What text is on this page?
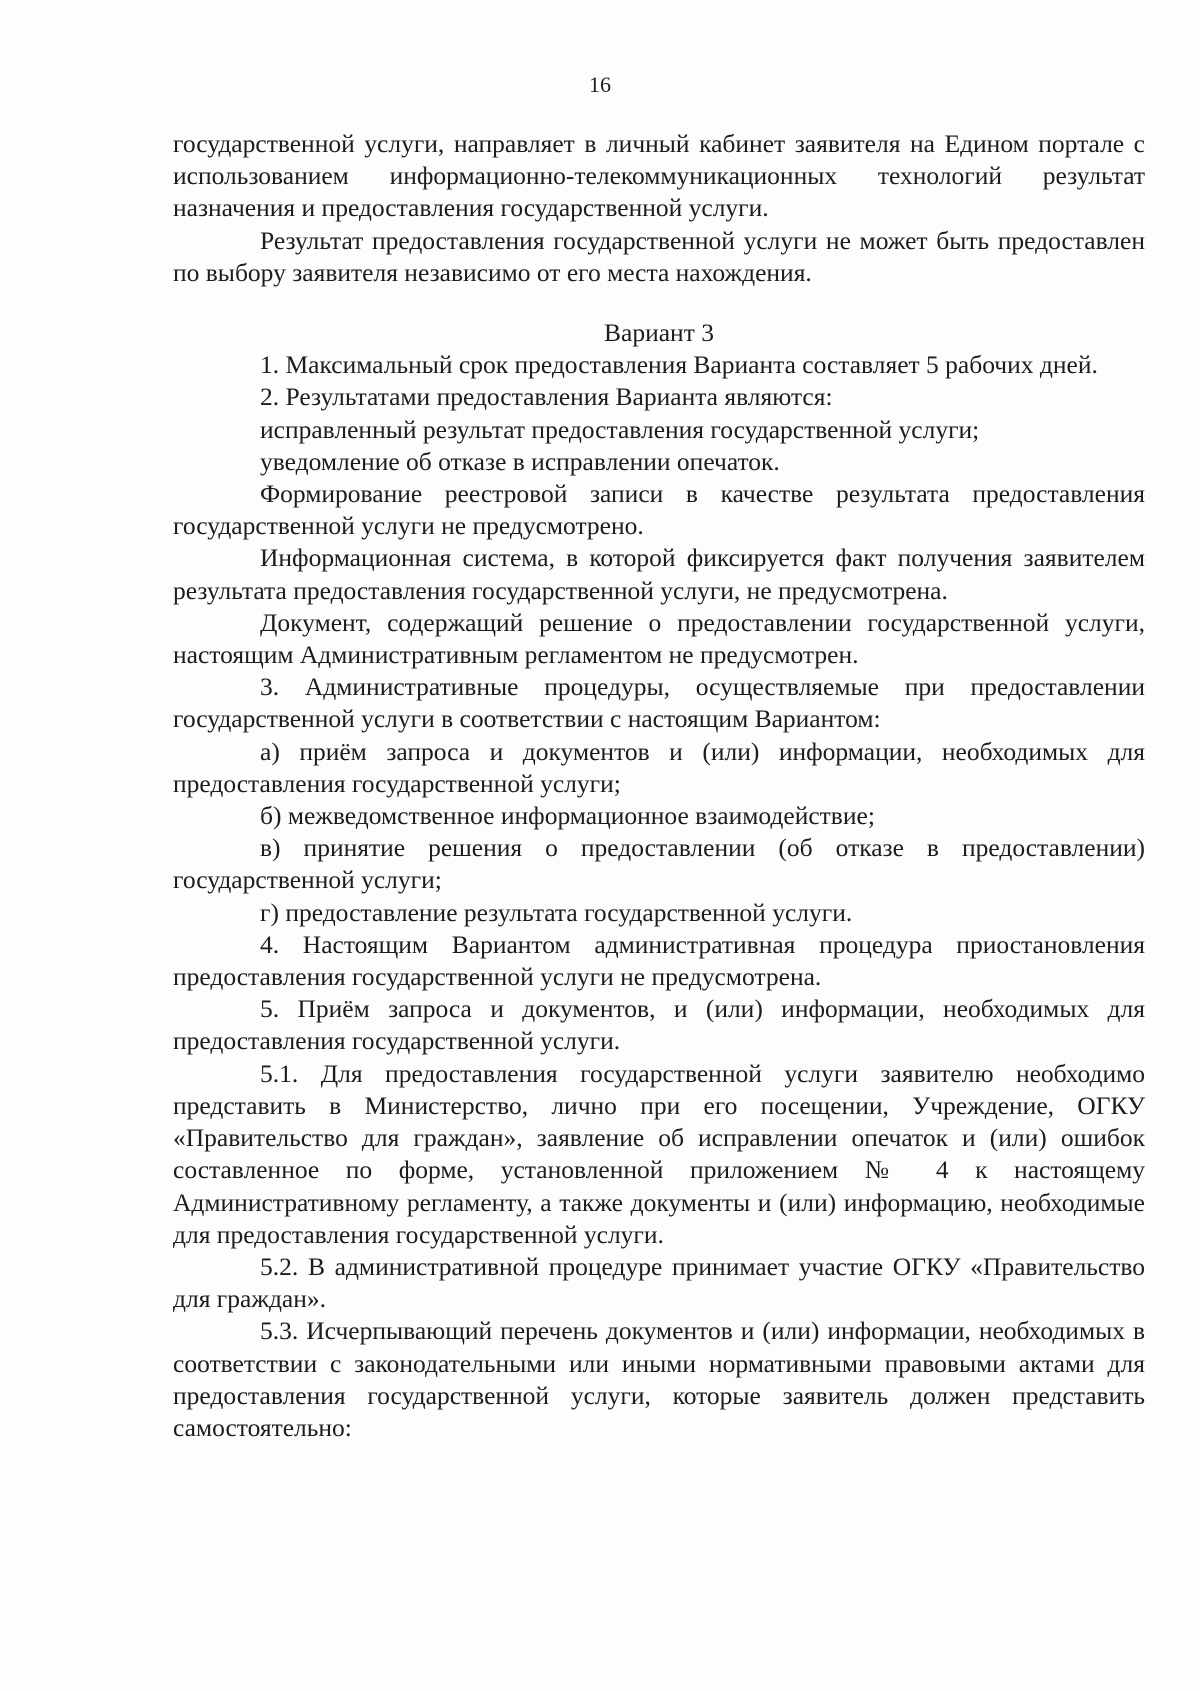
16

государственной услуги, направляет в личный кабинет заявителя на Едином портале с использованием информационно-телекоммуникационных технологий результат назначения и предоставления государственной услуги.

Результат предоставления государственной услуги не может быть предоставлен по выбору заявителя независимо от его места нахождения.

Вариант 3

1. Максимальный срок предоставления Варианта составляет 5 рабочих дней.

2. Результатами предоставления Варианта являются:

исправленный результат предоставления государственной услуги;

уведомление об отказе в исправлении опечаток.

Формирование реестровой записи в качестве результата предоставления государственной услуги не предусмотрено.

Информационная система, в которой фиксируется факт получения заявителем результата предоставления государственной услуги, не предусмотрена.

Документ, содержащий решение о предоставлении государственной услуги, настоящим Административным регламентом не предусмотрен.

3. Административные процедуры, осуществляемые при предоставлении государственной услуги в соответствии с настоящим Вариантом:

а) приём запроса и документов и (или) информации, необходимых для предоставления государственной услуги;

б) межведомственное информационное взаимодействие;

в) принятие решения о предоставлении (об отказе в предоставлении) государственной услуги;

г) предоставление результата государственной услуги.

4. Настоящим Вариантом административная процедура приостановления предоставления государственной услуги не предусмотрена.

5. Приём запроса и документов, и (или) информации, необходимых для предоставления государственной услуги.

5.1. Для предоставления государственной услуги заявителю необходимо представить в Министерство, лично при его посещении, Учреждение, ОГКУ «Правительство для граждан», заявление об исправлении опечаток и (или) ошибок составленное по форме, установленной приложением № 4 к настоящему Административному регламенту, а также документы и (или) информацию, необходимые для предоставления государственной услуги.

5.2. В административной процедуре принимает участие ОГКУ «Правительство для граждан».

5.3. Исчерпывающий перечень документов и (или) информации, необходимых в соответствии с законодательными или иными нормативными правовыми актами для предоставления государственной услуги, которые заявитель должен представить самостоятельно:
